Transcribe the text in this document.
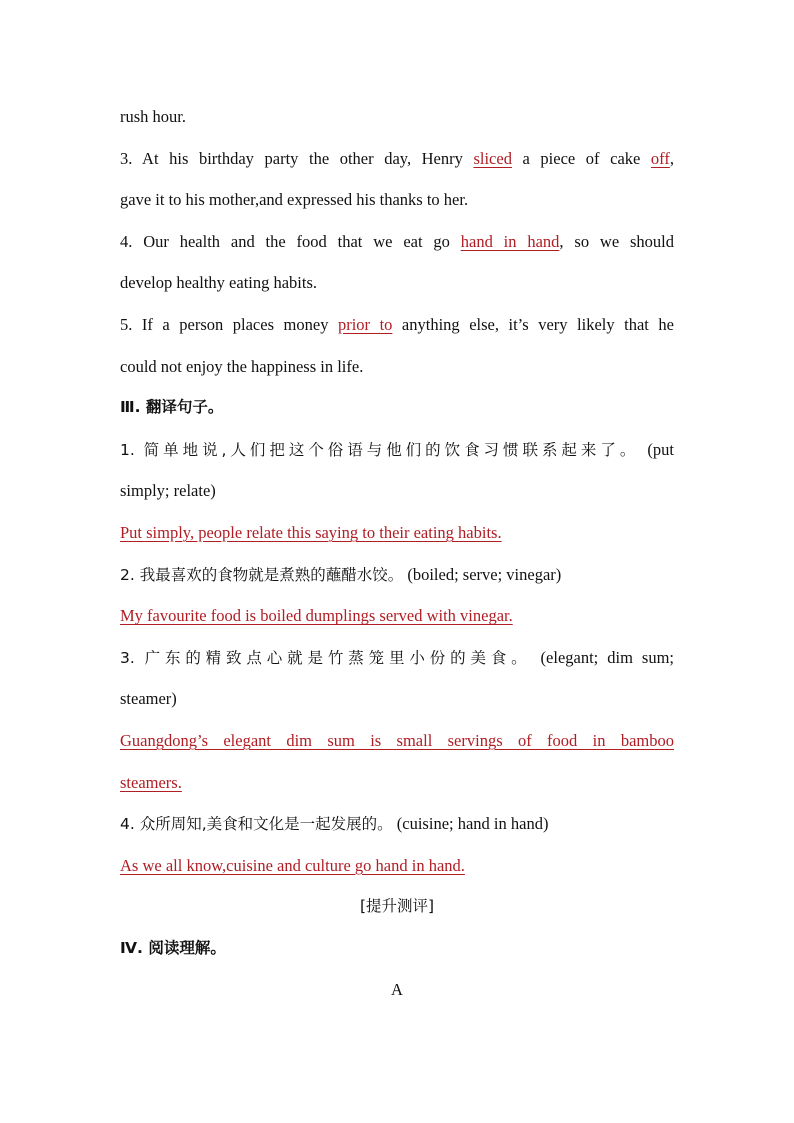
rush hour.
3. At his birthday party the other day, Henry sliced a piece of cake off,
gave it to his mother,and expressed his thanks to her.
4. Our health and the food that we eat go hand in hand, so we should
develop healthy eating habits.
5. If a person places money prior to anything else, it’s very likely that he
could not enjoy the happiness in life.
Ⅲ. 翻译句子。
1. 简单地说,人们把这个俗语与他们的饮食习惯联系起来了。 (put
simply; relate)
Put simply, people relate this saying to their eating habits.
2. 我最喜欢的食物就是煮熟的蘸醋水饺。 (boiled; serve; vinegar)
My favourite food is boiled dumplings served with vinegar.
3. 广东的精致点心就是竹蒸笼里小份的美食。 (elegant; dim sum;
steamer)
Guangdong’s elegant dim sum is small servings of food in bamboo
steamers.
4. 众所周知,美食和文化是一起发展的。 (cuisine; hand in hand)
As we all know,cuisine and culture go hand in hand.
[提升测评]
Ⅳ. 阅读理解。
A
